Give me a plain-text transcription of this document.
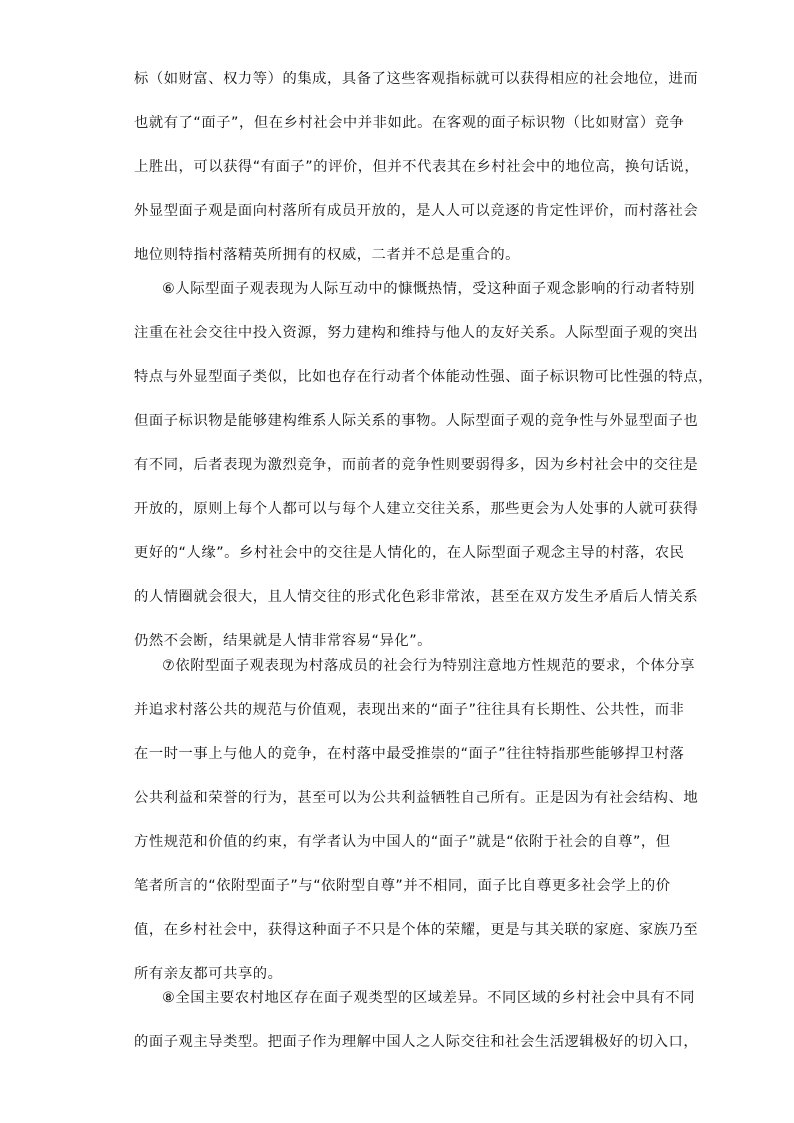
标（如财富、权力等）的集成，具备了这些客观指标就可以获得相应的社会地位，进而
也就有了“面子”，但在乡村社会中并非如此。在客观的面子标识物（比如财富）竞争
上胜出，可以获得“有面子”的评价，但并不代表其在乡村社会中的地位高，换句话说，
外显型面子观是面向村落所有成员开放的，是人人可以竞逐的肯定性评价，而村落社会
地位则特指村落精英所拥有的权威，二者并不总是重合的。
⑥人际型面子观表现为人际互动中的慷慨热情，受这种面子观念影响的行动者特别
注重在社会交往中投入资源，努力建构和维持与他人的友好关系。人际型面子观的突出
特点与外显型面子类似，比如也存在行动者个体能动性强、面子标识物可比性强的特点，
但面子标识物是能够建构维系人际关系的事物。人际型面子观的竞争性与外显型面子也
有不同，后者表现为激烈竞争，而前者的竞争性则要弱得多，因为乡村社会中的交往是
开放的，原则上每个人都可以与每个人建立交往关系，那些更会为人处事的人就可获得
更好的“人缘”。乡村社会中的交往是人情化的，在人际型面子观念主导的村落，农民
的人情圈就会很大，且人情交往的形式化色彩非常浓，甚至在双方发生矛盾后人情关系
仍然不会断，结果就是人情非常容易“异化”。
⑦依附型面子观表现为村落成员的社会行为特别注意地方性规范的要求，个体分享
并追求村落公共的规范与价值观，表现出来的“面子”往往具有长期性、公共性，而非
在一时一事上与他人的竞争，在村落中最受推崇的“面子”往往特指那些能够捍卫村落
公共利益和荣誉的行为，甚至可以为公共利益牺牲自己所有。正是因为有社会结构、地
方性规范和价值的约束，有学者认为中国人的“面子”就是“依附于社会的自尊”，但
笔者所言的“依附型面子”与“依附型自尊”并不相同，面子比自尊更多社会学上的价
值，在乡村社会中，获得这种面子不只是个体的荣耀，更是与其关联的家庭、家族乃至
所有亲友都可共享的。
⑧全国主要农村地区存在面子观类型的区域差异。不同区域的乡村社会中具有不同
的面子观主导类型。把面子作为理解中国人之人际交往和社会生活逻辑极好的切入口，
